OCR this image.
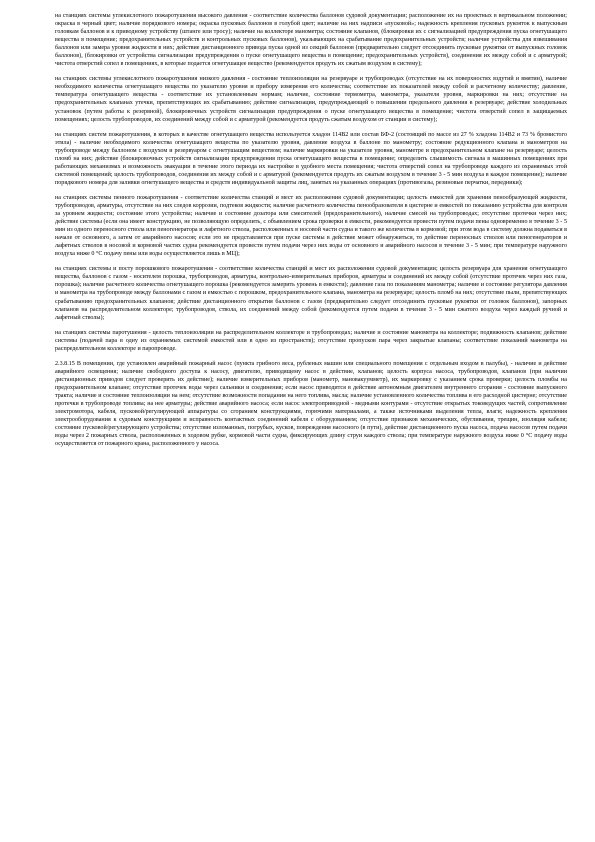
на станциях системы углекислотного пожаротушения высокого давления - соответствие количества баллонов судовой документации; расположение их на проектных в вертикальном положении; окраска в черный цвет; наличие порядкового номера; окраска пусковых баллонов в голубой цвет; наличие на них надписи «пусковой»; надежность крепления пусковых рукояток к выпускным головкам баллонов и к приводному устройству (штанге или тросу); наличие на коллекторе манометра; состояние клапанов, (блокировки их с сигнализацией предупреждения пуска огнетушащего вещества в помещение; предохранительных устройств и контрольных пусковых баллонов), указывающих на срабатывание предохранительных устройств; наличие устройства для взвешивания баллонов или замера уровня жидкости в них; действие дистанционного привода пуска одной из секций баллонов (предварительно следует отсоединить пусковые рукоятки от выпускных головок баллонов), (блокировки от устройства сигнализации предупреждения о пуске огнетушащего вещества в помещение; предохранительных устройств), соединения их между собой и с арматурой; чистота отверстий сопел в помещениях, в которые подается огнетушащее вещество (рекомендуется продуть их сжатым воздухом в систему);

на станциях системы углекислотного пожаротушения низкого давления - состояние теплоизоляции на резервуаре и трубопроводах (отсутствие на их поверхностях вздутий и вмятин), наличие необходимого количества огнетушащего вещества по указателю уровня и прибору измерения его количества; соответствие их показателей между собой и расчетному количеству; давление, температура огнетушащего вещества - соответствие их установленным нормам; наличие, состояние термометра, манометра, указателя уровня, маркировки на них; отсутствие на предохранительных клапанах утечки, препятствующих их срабатыванию; действие сигнализации, предупреждающей о повышении предельного давления в резервуаре; действие холодильных установок (путем работы к резервной), блокировочных устройств сигнализации предупреждения о пуске огнетушащего вещества в помещение; чистота отверстий сопел в защищаемых помещениях; целость трубопроводов, их соединений между собой и с арматурой (рекомендуется продуть сжатым воздухом от станции в систему);

на станциях систем пожаротушения, в которых в качестве огнетушащего вещества используется хладон 114В2 или состав БФ-2 (состоящий по массе из 27 % хладона 114В2 и 73 % бромистого этила) - наличие необходимого количества огнетушащего вещества по указателю уровня, давление воздуха в баллоне по манометру; состояние редукционного клапана и манометров на трубопроводе между баллоном с воздухом и резервуаром с огнетушащим веществом; наличие маркировки на указателе уровня, манометре и предохранительном клапане на резервуаре; целость пломб на них; действие (блокировочных устройств сигнализации предупреждения пуска огнетушащего вещества в помещение; определить слышимость сигнала в машинных помещениях при работающих механизмах и возможность эвакуации в течение этого периода их настройке в удобного места помещения; чистота отверстий сопел на трубопроводе каждого из охраняемых этой системой помещений; целость трубопроводов, соединения их между собой и с арматурой (рекомендуется продуть их сжатым воздухом в течение 3 - 5 мин воздуха в каждое помещение); наличие порядкового номера для заливки огнетушащего вещества и средств индивидуальной защиты лиц, занятых на указанных операциях (противогазы, резиновые перчатки, передники);

на станциях системы пенного пожаротушения - соответствие количества станций и мест их расположения судовой документации; целость емкостей для хранения пенообразующей жидкости, трубопроводов, арматуры, отсутствие на них следов коррозии, подтеков жидкости; наличие расчетного количества пенообразователя в цистерне и емкостей по показанию устройства для контроля за уровнем жидкости; состояние этого устройства; наличие и состояние дозатора или смесителей (предохранительного), наличие смесей на трубопроводах; отсутствие протечки через них; действие системы (если она имеет конструкцию, не позволяющую определить, с объявлением срока проверки в емкости, рекомендуется провести путем подачи пены одновременно в течение 3 - 5 мин из одного переносного ствола или пеногенератора и лафетного ствола, расположенных в носовой части судна и такого же количества в кормовой; при этом вода в систему должна подаваться в начале от основного, а затем от аварийного насосов; если это не представляется при пуске системы в действие может обнаружиться, то действие переносных стволов или пеногенераторов и лафетных стволов в носовой и кормовой частях судна рекомендуется провести путем подачи через них воды от основного и аварийного насосов в течение 3 - 5 мин; при температуре наружного воздуха ниже 0 °С подачу пены или воды осуществляется лишь в МЦ);

на станциях системы и посту порошкового пожаротушения - соответствие количества станций и мест их расположения судовой документации; целость резервуара для хранения огнетушащего вещества, баллонов с газом - носителем порошка, трубопроводов, арматуры, контрольно-измерительных приборов, арматуры и соединений их между собой (отсутствие протечек через них газа, порошка); наличие расчетного количества огнетушащего порошка (рекомендуется замерить уровень в емкости); давление газа по показаниям манометра; наличие и состояние регулятора давления и манометра на трубопроводе между баллонами с газом и емкостью с порошком, предохранительного клапана, манометра на резервуаре; целость пломб на них; отсутствие пыли, препятствующих срабатыванию предохранительных клапанов; действие дистанционного открытия баллонов с газом (предварительно следует отсоединить пусковые рукоятки от головок баллонов), запорных клапанов на распределительном коллекторе; трубопроводов, ствола, их соединений между собой (рекомендуется путем подачи в течение 3 - 5 мин сжатого воздуха через каждый ручной и лафетный стволы);

на станциях системы паротушения - целость теплоизоляции на распределительном коллекторе и трубопроводах; наличие и состояние манометра на коллекторе; подвижность клапанов; действие системы (подачей пара в одну из охраняемых системой емкостей или в одно из пространств); отсутствие пропусков пара через закрытые клапаны; соответствие показаний манометра на распределительном коллекторе и паропроводе.

2.3.8.15 В помещении, где установлен аварийный пожарный насос (пункта грибного веса, рубленых машин или специального помещения с отдельным входом в палубы), - наличие и действие аварийного освещения; наличие свободного доступа к насосу, двигателю, приводящему насос в действие, клапанов; целость корпуса насоса, трубопроводов, клапанов (при наличии дистанционных приводов следует проверить их действие); наличие измерительных приборов (манометр, мановакуумметр), их маркировку с указанием срока проверки; целость пломбы на предохранительном клапане; отсутствие протечек воды через сальники и соединения; если насос приводится в действие автономным двигателем внутреннего сгорания - состояние выпускного тракта; наличие и состояние теплоизоляции на нем; отсутствие возможности попадания на него топлива, масла; наличие установленного количества топлива в его расходной цистерне; отсутствие протечки в трубопроводе топлива; на нее арматуры; действие аварийного насоса; если насос электроприводной - медными контурами - отсутствие открытых токоведущих частей, сопротивление электромотора, кабеля, пусковой/регулирующей аппаратуры со сгоранием конструкциями, горючими материалами, а также источниками выделения тепла, влаги; надежность крепления электрооборудования к судовым конструкциям и исправность контактных соединений кабеля с оборудованием; отсутствие признаков механических, обугливания, трещин, изоляция кабеля; состояние пусковой/регулирующего устройства; отсутствие изломанных, погрубых, кусков, повреждения насосного (в пути), действие дистанционного пуска насоса, подача насосов путем подачи воды через 2 пожарных ствола, расположенных в ходовом рубке, кормовой части судна, фиксирующих длину струи каждого ствола; при температуре наружного воздуха ниже 0 °С подачу воды осуществляется от пожарного крана, расположенного у насоса.
